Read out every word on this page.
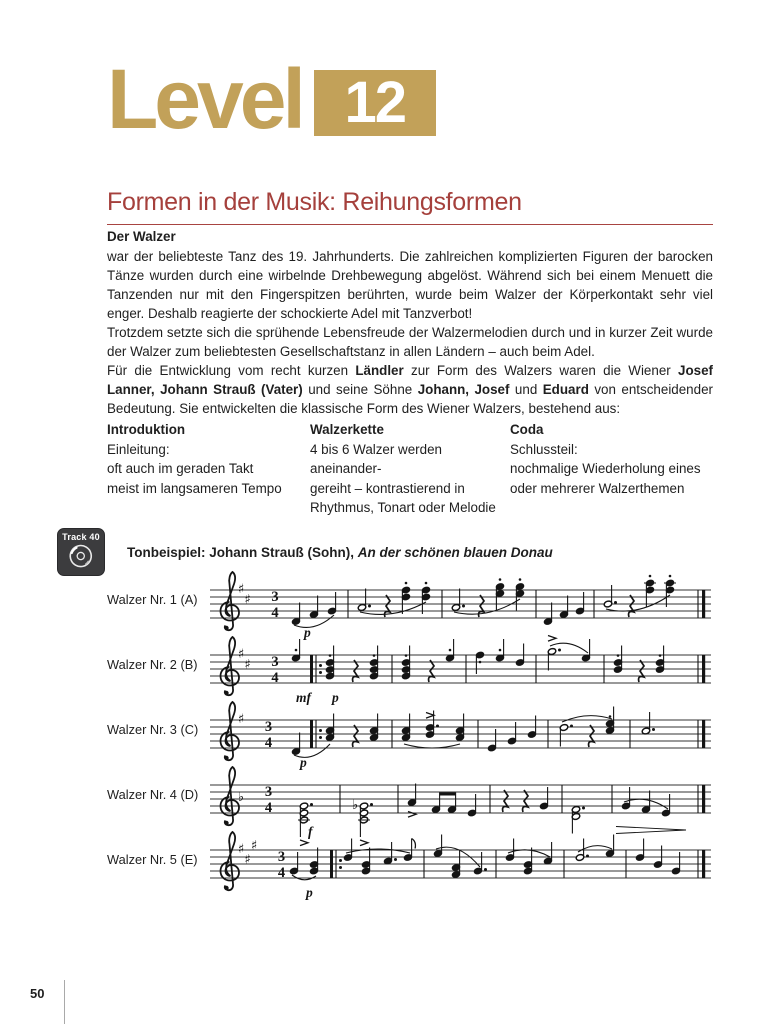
Level 12
Formen in der Musik: Reihungsformen

Der Walzer

war der beliebteste Tanz des 19. Jahrhunderts. Die zahlreichen komplizierten Figuren der barocken Tänze wurden durch eine wirbelnde Drehbewegung abgelöst. Während sich bei einem Menuett die Tanzenden nur mit den Fingerspitzen berührten, wurde beim Walzer der Körperkontakt sehr viel enger. Deshalb reagierte der schockierte Adel mit Tanzverbot!

Trotzdem setzte sich die sprühende Lebensfreude der Walzermelodien durch und in kurzer Zeit wurde der Walzer zum beliebtesten Gesellschaftstanz in allen Ländern – auch beim Adel.

Für die Entwicklung vom recht kurzen Ländler zur Form des Walzers waren die Wiener Josef Lanner, Johann Strauß (Vater) und seine Söhne Johann, Josef und Eduard von entscheidender Bedeutung. Sie entwickelten die klassische Form des Wiener Walzers, bestehend aus:

Introduktion
Einleitung:
oft auch im geraden Takt
meist im langsameren Tempo
Walzerkette
4 bis 6 Walzer werden aneinander-
gereiht – kontrastierend in
Rhythmus, Tonart oder Melodie
Coda
Schlussteil:
nochmalige Wiederholung eines
oder mehrerer Walzerthemen
Track 40
Tonbeispiel: Johann Strauß (Sohn), An der schönen blauen Donau
Walzer Nr. 1 (A)
♯
♯ 3
4
p
Walzer Nr. 2 (B)
♯
♯ 3
4
mf p
Walzer Nr. 3 (C)
♯ 3
4
p
Walzer Nr. 4 (D)	♭ 3
4	♭
f
Walzer Nr. 5 (E)
♯
♯
♯
3
4
p
50
